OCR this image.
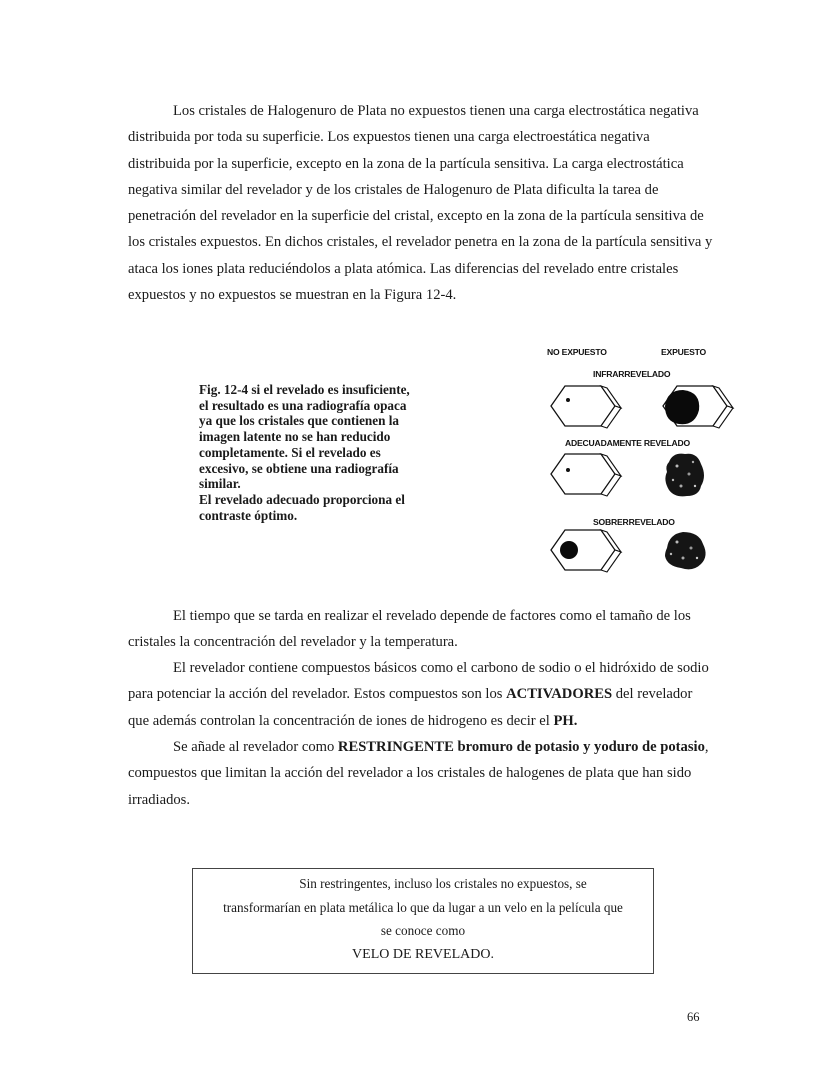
Los cristales de Halogenuro de Plata no expuestos tienen una carga electrostática negativa
distribuida por toda su superficie. Los expuestos tienen una carga electroestática negativa
distribuida por la superficie, excepto en la zona de la partícula sensitiva. La carga electrostática
negativa similar del revelador y de los cristales de Halogenuro de Plata dificulta la tarea de
penetración del revelador en la superficie del cristal, excepto en la zona de la partícula sensitiva de
los cristales expuestos. En dichos cristales, el revelador penetra en la zona de la partícula sensitiva y
ataca los iones plata reduciéndolos a plata atómica. Las diferencias del revelado entre cristales
expuestos y no expuestos se muestran en la Figura 12-4.
Fig. 12-4 si el revelado es insuficiente,
el resultado es una radiografía opaca
ya que los cristales que contienen la
imagen latente no se han reducido
completamente. Si el revelado es
excesivo, se obtiene una radiografía
similar.
El revelado adecuado proporciona el
contraste óptimo.
NO EXPUESTO	EXPUESTO
INFRARREVELADO
ADECUADAMENTE REVELADO
SOBRERREVELADO
El tiempo que se tarda en realizar el revelado depende de factores como el tamaño de los
cristales la concentración del revelador y la temperatura.
El revelador contiene compuestos básicos como el carbono de sodio o el hidróxido de sodio
para potenciar la acción del revelador. Estos compuestos son los ACTIVADORES del revelador
que además controlan la concentración de iones de hidrogeno es decir el PH.
Se añade al revelador como RESTRINGENTE bromuro de potasio y yoduro de potasio,
compuestos que limitan la acción del revelador a los cristales de halogenes de plata que han sido
irradiados.

Sin restringentes, incluso los cristales no expuestos, se

transformarían en plata metálica lo que da lugar a un velo en la película que

se conoce como

VELO DE REVELADO.

66
